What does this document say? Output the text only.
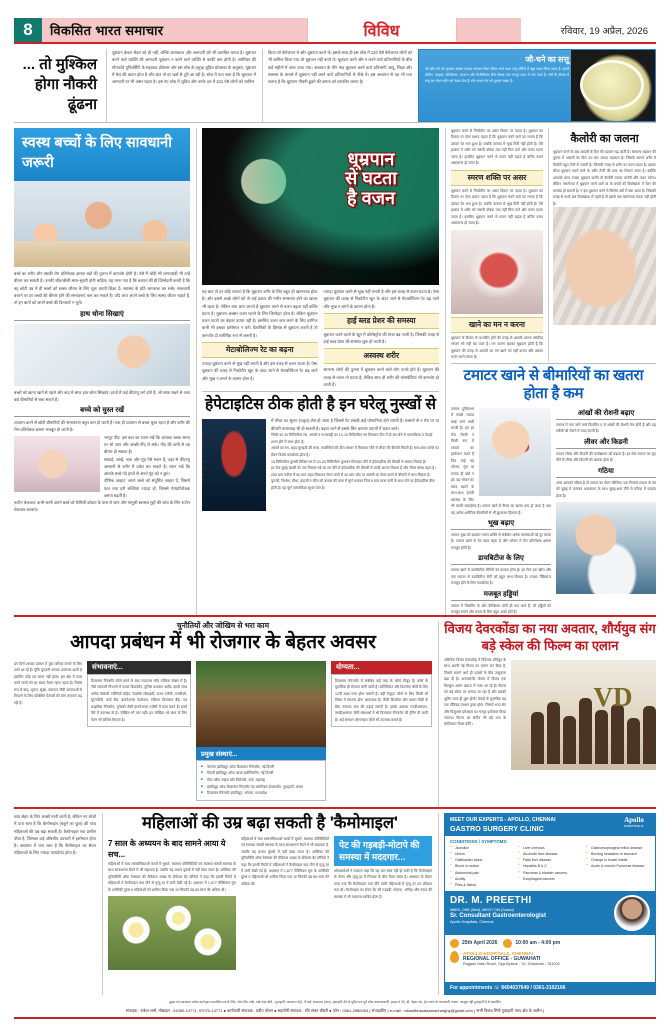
8	विकसित भारत समाचार	विविध	रविवार, 19 अप्रैल, 2026
... तो मुश्किल होगा नौकरी ढूंढना
धूम्रपान केवल सेहत को ही नहीं, बल्कि कामकाज और आमदनी को भी प्रभावित करता है। धूम्रपान करने वाले व्यक्ति की आमदनी धूम्रपान न करने वाले व्यक्ति से काफी कम होती है। अमेरिका की स्टैनफोर्ड यूनिवर्सिटी के सहायक प्रोफेसर और इस शोध के प्रमुख जूडिथ प्रोचस्का के अनुसार, धूम्रपान में मेल की खपत होता है और बात तो हर खर्च से दूरी आ रही है। शोध में पता चला है कि धूम्रपान में आमदनी पर भी असर पड़ता है। इस नए शोध में जूडिथ और उनके दल में 131 ऐसे लोगों को शामिल
किया जो बेरोजगार थे और धूम्रपान करते थे। इसके साथ ही इस शोध में 120 ऐसे बेरोजगार लोगों को भी शामिल किया गया जो धूम्रपान नहीं करते थे। धूम्रपान करने और न करने वाले प्रतिभागियों के बीच कई महीनों में अंतर पाया गया। अध्ययन के तीन माह धूम्रपान करने वाले प्रतिभागी आयु, शिक्षा और स्वास्थ्य के मामले में धूम्रपान नहीं करने वाले प्रतिभागियों से पीछे थे। इस अध्ययन से यह भी पता चलता है कि धूम्रपान नौकरी ढूंढने की क्षमता को प्रभावित करता है।
जौ-चने का सत्तू
जौ और चने को भूनकर उसका पाउडर बनाकर तैयार किया जाने वाला सत्तू गर्मियों में खूब पसंद किया जाता है। इसमें प्रोटीन, फाइबर, कैल्शियम, आयरन और मैग्नीशियम जैसे पोषक तत्व भरपूर मात्रा में पाए जाते हैं। गर्मी के मौसम में सत्तू का सेवन शरीर को ठंडक देता है और पाचन तंत्र को दुरुस्त रखता है।
स्वस्थ बच्चों के लिए सावधानी जरूरी
बच्चे का शरीर और उसकी रोग प्रतिरोधक क्षमता बड़ों की तुलना में कमजोर होती है। ऐसे में थोड़ी सी लापरवाही भी उन्हें बीमार कर सकती है। उनकी जीवनशैली साफ-सुथरी होनी चाहिए। यह माना गया है कि बचपन की ही जिम्मेदारी बनती है कि वह छोटी उम्र में ही बच्चों को स्वस्थ जीवन के लिए शुरू करती शिक्षा दें। स्वास्थ्य के प्रति जागरूक कर सकें। सावधानी बरतने पर हर बच्चों की बीमार होने की संभावनाएं कम कर सकते हैं। यदि आप अपने बच्चे के लिए स्वस्थ जीवन चाहते हैं, तो इन बातों को अपने बच्चे की दिनचर्या न भूलें।
हाथ धोना सिखाएं
बच्चों को खाना खाने से पहले और बाद में साफ हाथ धोना सिखाएं। हाथों में कई कीटाणु लगे होते हैं, जो साफ रखने से आप कई बीमारियों से बचा सकते हैं।
बच्चे को चुस्त रखें
व्यायाम करने से छोटी बीमारियों की संभावनाएं बहुत कम हो जाती हैं। एक ही व्यायाम से बच्चा चुस्त रहता है और शरीर की रोग-प्रतिरोधक क्षमता मजबूत हो जाती है।
भरपूर नींद: इस बात का ध्यान रखें कि आपका बच्चा समय पर सो जाए और अच्छी नींद ले सके। नींद की कमी से वह बीमार हो सकता है।
सफाई: आंखें, नाक और मुंह ऐसे स्थान हैं, जहां से कीटाणु आसानी से शरीर में प्रवेश कर सकते हैं। ध्यान रखें कि आपके बच्चे गंदे हाथों से अपने मुंह को न छुएं।
पौष्टिक आहार: अपने बच्चे को संतुलित आहार दें, जिसमें फल तथा हरी सब्जियां ज्यादा हों, जिससे रोगप्रतिरोधक क्षमता बढ़ती है।
रूटीन चेकअप: कभी-कभी अपने बच्चे को फैमिली डॉक्टर के पास ले जाएं और मामूली स्वास्थ्य मुद्दों की जांच के लिए रूटीन चेकअप करवाएं।
धूम्रपान
से घटता
है वजन
यह बात तो हर कोई जानता है कि धूम्रपान शरीर के लिए बहुत ही खतरनाक होता है। और इससे अच्छे लोगों को तो कई प्रकार की गंभीर समस्याएं होने का खतरा भी रहता है। लेकिन क्या आप जानते हैं धूम्रपान करने से वजन बढ़ता नहीं बल्कि घटता है। धूम्रपान अक्सर वजन घटाने के लिए जिम्मेदार होता है। लेकिन धूम्रपान वजन घटाने का बेहतर उपाय नहीं है। इसलिए वजन कम करने के लिए हरगिज कभी भी इसका इस्तेमाल न करें। वैज्ञानिकों के हिसाब से धूम्रपान करती है तो कमजोर दो शारीरिक रूप से जरूरी है।
मेटाबोलिज्म रेट का बढ़ना
ज्यादा धूम्रपान करने से भूख नहीं लगती है और इस वजह से वजन घटता है। ऐसा धूम्रपान की वजह से निकोटीन खून के अंदर जाने से मेटाबोलिज्म रेट बढ़ जाने और भूख न लगने के कारण होता है।
ज्यादा धूम्रपान करने से भूख नहीं लगती है और इस वजह से वजन घटता है। ऐसा धूम्रपान की वजह से निकोटीन खून के अंदर जाने से मेटाबोलिज्म रेट बढ़ जाने और भूख न लगने के कारण होता है।
हाई ब्लड प्रेशर की समस्या
धूम्रपान करने वालों के खून में कोलेस्ट्रॉल की मात्रा बढ़ जाती है। जिसकी वजह से हाई ब्लड प्रेशर की समस्या शुरू हो जाती है।
अस्वस्थ शरीर
सामान्य लोगों की तुलना में धूम्रपान करने वाले लोग पतले होते हैं। धूम्रपान की वजह से वजन तो घटता है, लेकिन साथ ही शरीर की मांसपेशियां भी कमजोर हो जाती हैं।
हेपेटाइटिस ठीक होती है इन घरेलू नुस्खों से
में लीवर का सूजन (यकृत) शेष हो जाता है जिससे पेट संबंधी कई परेशानियां होने लगती हैं। घबराने से न रोग पर या बीमारी लापरवाह भी हो सकती है। बढ़ाए जाने से इसके लिए कारगर उपायों में बदल जाते।
■ निंबोर का 20 मिलिलीटर रस, आंवले व पत्थरचट्टी का 10-10 मिलिलीटर रस मिलाकर दिन में दो बार लेने से पाचनक्रिया व पेटदर्द शमन होने में लाभ होता है।
■ आंवले का रस, शहद मुलहठी की मात्रा, कालीमिर्च की तौल बराबर में मिलाकर पीने से लीवर की बीमारी मिटती है। साथ-साथ करेले का सेवन विशेष फायदेमंद होता है।
■ 15 मिलिलीटर तुलसी मिश्रित रस में 20-25 मिलिलीटर कुलथन मिलाकर पीने से हेपेटाइटिस की बीमारी में आराम मिलता है।
■ हर रोज सुबह खाली पेट एक गिलास गन्ने का रस पीने से हेपेटाइटिस की बीमारी में जल्दी आराम मिलता है और लीवर स्वस्थ रहता है।
■ 250 ग्राम पपीता में 50 ग्राम शहद मिलाकर सेवन करने से 50 ग्राम सोंठ या अलसी का सेवन करने से बीमारी में लाभ मिलता है।
■ कुटकी, निशोथ, मौथा, इन्द्रजौ व जीरा को बराबर की मात्रा में चूर्ण बनाकर नित्य 5 ग्राम मात्रा पानी के साथ लेने पर हेपेटाइटिस ठीक होती है। यह चूर्ण पाचनक्रिया सुधार देता है।
धूम्रपान करने से निकोटीन का असर दिमाग पर पड़ता है। धूम्रपान का दिमाग पर ऐसा प्रभाव पड़ता है कि धूम्रपान करने वाले का लगता है कि उसका पेट भरा हुआ है। जबकि वास्तव में भूख मिटी नहीं होती है। ऐसे हालात में शरीर को जरूरी पोषक तत्व नहीं मिल पाते और वजन घटता जाता है। इसलिए धूम्रपान करने से वजन नहीं बढ़ता है बल्कि वजन असामान्य हो जाता है।
स्मरण शक्ति पर असर
धूम्रपान करने से निकोटीन का असर दिमाग पर पड़ता है। धूम्रपान का दिमाग पर ऐसा प्रभाव पड़ता है कि धूम्रपान करने वाले का लगता है कि उसका पेट भरा हुआ है। जबकि वास्तव में भूख मिटी नहीं होती है। ऐसे हालात में शरीर को जरूरी पोषक तत्व नहीं मिल पाते और वजन घटता जाता है। इसलिए धूम्रपान करने से वजन नहीं बढ़ता है बल्कि वजन असामान्य हो जाता है।
खाने का मन न करना
धूम्रपान के दिमाग के प्रभावित होने की वजह से आदमी अपना पसंदीदा भोजन भी नहीं खा पाता है। मन कारण खाकर धूम्रपान होती है कि धूम्रपान की वजह से आदमी का मन खाने को नहीं करता और उसका वजन घटने लगता है।
कैलोरी का जलना
धूम्रपान करने के बाद आदमी के दिन की धड़कन बढ़ जाती है। सामान्य धड़कन की तुलना में आदमी का दिल 20 बार ज्यादा धड़कता है। जिसके कारण शरीर में कैलोरी बहुत तेजी से जलती है। जिसकी वजह से शरीर का वजन घटता है। इसका सीधा धूम्रपान करने वाले के शरीर तेजी की वसा का निकल जाता है। क्योंकि आपको अगर ज्यादा धूम्रपान करोगे तो कैलोरी ज्यादा जलेगी और वजन घटेगा। लेकिन मसलेज्या में धूम्रपान करने वाले या के बच्चों को विशेषज्ञता में मेटर की समस्या हो सकती है। न इस धूम्रपान करने से सिगरेट क्यों में क्या आता है। जिसकी वजह से कभी अब विशेषज्ञता में पहले हैं तो इससे जब मसलेज्या करता नहीं होती है।
टमाटर खाने से बीमारियों का खतरा होता है कम
टमाटर दुनियाभर में सबसे ज्यादा खाई जाने वाली सब्जी है। हम हर रोज किसी न किसी रूप में टमाटर का इस्तेमाल करते हैं फिर चाहे वह भोजन, सूप या सलाद ही क्यों न हो। यह भोजन का स्वाद बढ़ाने के साथ-साथ हमारी स्वास्थ्य के लिए भी काफी फायदेमंद है। टमाटर खाने से कैंसर का खतरा कम हो जाता है तथा यह अनेक शारीरिक बीमारियों से भी छुटकारा दिलाता है।
भूख बढ़ाए
टमाटर भूख को बढ़ाकर पाचन शक्ति से संबंधित अनेक समस्याओं को दूर करता है। टमाटर खाने से पेट साफ रहता है और भोजन में रोग प्रतिरोधक क्षमता मजबूत होती है।
डायबिटीज के लिए
टमाटर खाने से डायबिटीज रोगियों को फायदा होता है। हर रोज एक खीरा और एक टमाटर से डायबिटीज रोगी को बहुत लाभ मिलता है। टमाटर पैंक्रियाज मजबूत होने के लिए फायदेमंद है।
मजबूत हड्डियां
टमाटर में विटामिन के और कैल्शियम दोनों ही पाए जाते हैं, जो हड्डियों को मजबूत बनाने और घनत्व के लिए बहुत अच्छे होते हैं।
आंखों की रोशनी बढ़ाए
टमाटर में पाए जाने वाले विटामिन ए से आंखों की रोशनी तेज होती है और यह रतौंधी को रोकने में मदद करती है।
लीवर और किडनी
टमाटर लीवर और किडनी की कार्यक्षमता को बढ़ाता है। हर रोज टमाटर का सूप पीने से लीवर और किडनी को फायदा होता है।
गठिया
अगर आपको गठिया है तो टमाटर का सेवन कीजिए। एक गिलास टमाटर के रस को सुबह में डालकर अजवायन के साथ सुबह-शाम पीने से गठिया में फायदा होता है।
चुनौतियों और जोखिम से भरा काम
आपदा प्रबंधन में भी रोजगार के बेहतर अवसर
इन दिनों आपदा प्रबंधन में युवा करियर बनाने के लिए आगे आ रहे हैं। चूंकि कुदरती आपदा अचानक आती है इसलिए कोई तय समय नहीं होता। इस क्षेत्र में काम करने वालों को हर समय तैयार रहना पड़ता है। विशेष रूप से बाढ़, भूकंप, सूखा, चक्रवात जैसी आपदाओं से निपटने के लिए प्रशिक्षित पेशेवरों की मांग लगातार बढ़ रही है।
संभावनाएं...
डिजास्टर मैनेजमेंट कोर्स करने के बाद ज्यादातर जॉब पब्लिक सेक्टर में है। जैसे सरकारी विभागों में फायर डिपार्टमेंट, पुलिस प्रशासन आदि। इसके साथ अनेक वॉलंटरी एजेंसियों सहित, रेडक्रॉस सोसाइटी, राज्य एजेंसी, एनजीओ, यूएनडीपी, वर्ल्ड बैंक, इंटरनेशनल फेडरेशन, एशियन डिजास्टर बैंक, एड क्राइसिस मैनेजमेंट, यूनेस्को जैसी इंटरनेशनल एजेंसी में काम करते हैं। इनमें पैसे में उपलब्ध तो है। जोखिम भी कम नहीं। इन जोखिम भरे काम के लिए वेतन भी वाजिब मिलता है।
प्रमुख संस्थाएं...
■ नेशनल इंस्टीट्यूट ऑफ डिजास्टर मैनेजमेंट, नई दिल्ली
■ दिल्ली इंस्टीट्यूट ऑफ फायर इंजीनियरिंग, नई दिल्ली
■ सेंटर ऑफ साइंस फॉर विलेजर्स, वर्धा, महाराष्ट्र
■ इंस्टीट्यूट ऑफ डिजास्टर मैनेजमेंट एंड सस्टेनेबल डेवलपमेंट, गुवाहाटी, असम
■ डिजास्टर मैनेजमेंट इंस्टीट्यूट, भोपाल, मध्यप्रदेश
योग्यता...
डिजास्टर मैनेजमेंट में संबंधित कई तरह के कोर्स मौजूद हैं। कोर्स के मुताबिक ही योग्यता मांगी जाती है। सर्टिफिकेट और डिप्लोमा कोर्स के लिए 12वीं कक्षा पास होना जरूरी है। वहीं ग्रेजुएट कोर्स के लिए किसी भी विषय में स्नातक होना आवश्यक है। पीजी डिप्लोमा और मास्टर डिग्री के लिए स्नातक स्तर की पढ़ाई जरूरी है। इसके अलावा एनडीआरएफ, एसडीआरएफ जैसी संस्थाओं में भी डिजास्टर मैनेजमेंट की ट्रेनिंग दी जाती है। कई संस्थान ऑनलाइन कोर्स भी उपलब्ध कराते हैं।
विजय देवरकोंडा का नया अवतार, शौर्ययुव संग बड़े स्केल की फिल्म का एलान
अभिनेता विजय देवरकोंडा ने निर्देशक शौर्ययुव के साथ अपनी नई फिल्म का एलान कर दिया है, जिसने सामने आते ही दर्शकों के बीच उत्सुकता बढ़ा दी है। अनाउंसमेंट पोस्टर में विजय एक बिल्कुल अलग अंदाज में नजर आ रहे हैं। फिल्म को बड़े स्केल पर बनाया जा रहा है और इसकी शूटिंग जल्द ही शुरू होगी। मेकर्स के मुताबिक यह एक पीरियड एक्शन ड्रामा होगा, जिसमें भव्य सेट और विजुअल इफेक्ट्स का भरपूर इस्तेमाल किया जाएगा। फिल्म का संगीत भी बड़े नाम के संगीतकार तैयार करेंगे।
VD
चाय सेहत के लिए अच्छी मानी जाती है, लेकिन नए शोधों में पता चला है कि कैमोमाइल (बबूने का फूल) की चाय महिलाओं की उम्र बढ़ा सकती है। कैमोमाइल एक प्राचीन पौधा है, जिसका कई औषधीय उपचारों में इस्तेमाल होता है। अध्ययन में पता चला है कि कैमोमाइल का सेवन महिलाओं के लिए ज्यादा फायदेमंद होता है।
महिलाओं की उम्र बढ़ा सकती है 'कैमोमाइल'
7 साल के अध्ययन के बाद सामने आया ये सच...
महिलाओं में चाय रक्तसंचिकाओं कार्यों में सुधारे, स्वास्थ्य परिस्थितियों एवं स्वास्थ्य संबंधी स्वास्थ्य के साथ सावधानस बैठने में भी सहायता है, जबकि यह प्रभाव पुरुषों में नहीं देखा जाता है। अमेरिका की यूनिवर्सिटी ऑफ टेक्सास की मेडिकल शाखा के प्रोफेसर बेंट डॉनियो ने कहा कि हमारी रिपोर्ट में महिलाओं में कैमोमाइल चाय पीने से मृत्यु दर में कमी देखी गई है। अध्ययन में 1,677 मेक्सिकन मूल के अमेरिकी पुरुष व महिलाओं को शामिल किया गया था जिनकी उम्र 65 साल की अधिक थी।
महिलाओं में चाय रक्तसंचिकाओं कार्यों में सुधारे, स्वास्थ्य परिस्थितियों एवं स्वास्थ्य संबंधी स्वास्थ्य के साथ सावधानस बैठने में भी सहायता है, जबकि यह प्रभाव पुरुषों में नहीं देखा जाता है। अमेरिका की यूनिवर्सिटी ऑफ टेक्सास की मेडिकल शाखा के प्रोफेसर बेंट डॉनियो ने कहा कि हमारी रिपोर्ट में महिलाओं में कैमोमाइल चाय पीने से मृत्यु दर में कमी देखी गई है। अध्ययन में 1,677 मेक्सिकन मूल के अमेरिकी पुरुष व महिलाओं को शामिल किया गया था जिनकी उम्र 65 साल की अधिक थी।
पेट की गड़बड़ी-मोटापे की समस्या में मददगार...
शोधकर्ताओं ने तत्काल कहा कि यह कम स्पष्ट नहीं हो सकी है कि कैमोमाइल के सेवन और मृत्यु दर में गिरावट के बीच कैसा संबंध है। अध्ययन के दौरान पाया गया कि कैमोमाइल चाय पीने वाली महिलाओं में मृत्यु दर 29 प्रतिशत कम थी। कैमोमाइल का सेवन पेट की गड़बड़ी, मोटापा, अनिद्रा और तनाव की समस्या में भी मददगार साबित होता है।
MEET OUR EXPERTS - APOLLO, CHENNAI
GASTRO SURGERY CLINIC
Apollo
HOSPITALS
CONDITIONS / SYMPTOMS:
● Jaundice
● Ulcers
● Gallbladder stone
● Blood in motion
● Abdominal pain
● Acidity
● Piles & fistula
● Liver cirrhosis
● Alcoholic liver disease
● Fatty liver disease
● Hepatitis B & C
● Pancreas & bladder cancers
● Esophageal cancers
● Gastroesophageal reflux disease
● Burning sensation in stomach
● Change in bowel habits
● Acute & chronic Pancreas disease
DR. M. PREETHI
MBBS, DNB (Med), MRCP, DM (Gastro)
Sr. Consultant Gastroenterologist
Apollo Hospitals, Chennai
25th April 2026	10:00 am - 4:00 pm
APOLLO HOSPITALS, CHENNAI
REGIONAL OFFICE - GUWAHATI
Rajgarh Main Road, Opp-Bylane - 10, Guwahati - 781003
For appointments ☏ 8404037649 / 0361-3102166
मुद्रक एवं प्रकाशक राकेश शर्मा द्वारा प्रकाशित पत्र के लिए, ओम प्रिंट पार्क, वार्ड नंबर बोरो - गुवाहाटी, कामरूप मेट्रो, में वार्ड, शालमारा (घाट), गुवाहाटी-33 से मुद्रित एवं पूर्व लोक कल्याणकारी, हाउस नं 30, डी. नेहरू पथ, हेम चरण के चारआली, रुक्मा, जालुक पट्टी गुवाहाटी-5 से प्रकाशित
संपादक : राकेश शर्मा, मोबाइल : 94350-14771, 97070-14771 ● कार्यकारी संपादक : प्रदीप तोलन ● सहयोगी संपादक : रवि शंकर चौधरी ● फोन : 0361-2960054 ( संपादकीय ) e-mail : vikasitbharatsamacharghy@gmail.com ( सभी विवाद सिर्फ गुवाहाटी न्याय क्षेत्र के अधीन )
